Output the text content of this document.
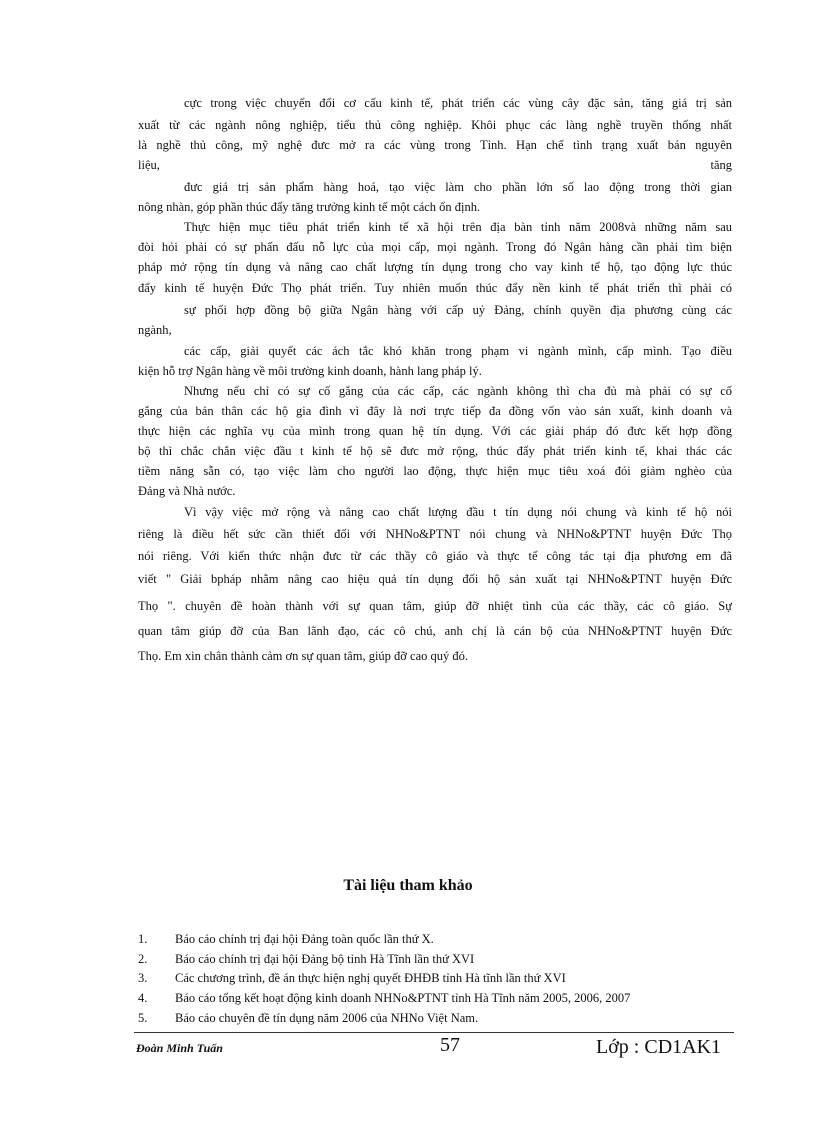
cực trong việc chuyển đổi cơ cấu kinh tế, phát triển các vùng cây đặc sản, tăng giá trị sản
xuất từ các ngành nông nghiệp, tiểu thủ công nghiệp. Khôi phục các làng nghề truyền thống nhất
là nghề thủ công, mỹ nghệ đưc mở ra các vùng trong Tỉnh. Hạn chế tình trạng xuất bán nguyên
liệu, tăng
đưc giá trị sản phẩm hàng hoá, tạo việc làm cho phần lớn số lao động trong thời gian
nông nhàn, góp phần thúc đẩy tăng trưởng kinh tế một cách ổn định.
Thực hiện mục tiêu phát triển kinh tế xã hội trên địa bàn tỉnh năm 2008và những năm sau
đòi hỏi phải có sự phấn đấu nỗ lực của mọi cấp, mọi ngành. Trong đó Ngân hàng cần phải tìm biện
pháp mở rộng tín dụng và nâng cao chất lượng tín dụng trong cho vay kinh tế hộ, tạo động lực thúc
đẩy kinh tế huyện Đức Thọ phát triển. Tuy nhiên muốn thúc đẩy nền kinh tế phát triển thì phải có
sự phối hợp đồng bộ giữa Ngân hàng với cấp uỷ Đảng, chính quyền địa phương cùng các
ngành,
các cấp, giải quyết các ách tắc khó khăn trong phạm vi ngành mình, cấp mình. Tạo điều
kiện hỗ trợ Ngân hàng về môi trường kinh doanh, hành lang pháp lý.
Nhưng nếu chỉ có sự cố gắng của các cấp, các ngành không thì cha đủ mà phải có sự cố
gắng của bản thân các hộ gia đình vì đây là nơi trực tiếp đa đồng vốn vào sản xuất, kinh doanh và
thực hiện các nghĩa vụ của mình trong quan hệ tín dụng. Với các giải pháp đó đưc kết hợp đồng
bộ thì chắc chắn việc đầu t kinh tế hộ sẽ đưc mở rộng, thúc đẩy phát triển kinh tế, khai thác các
tiềm năng sẵn có, tạo việc làm cho người lao động, thực hiện mục tiêu xoá đói giảm nghèo của
Đảng và Nhà nước.
Vì vậy việc mở rộng và nâng cao chất lượng đầu t tín dụng nói chung và kinh tế hộ nói
riêng là điều hết sức cần thiết đối với NHNo&PTNT nói chung và NHNo&PTNT huyện Đức Thọ
nói riêng. Với kiến thức nhận đưc từ các thầy cô giáo và thực tế công tác tại địa phương em đã
viết " Giải bpháp nhằm nâng cao hiệu quả tín dụng đối hộ sản xuất tại NHNo&PTNT huyện Đức
Thọ ". chuyên đề hoàn thành với sự quan tâm, giúp đỡ nhiệt tình của các thầy, các cô giáo. Sự
quan tâm giúp đỡ của Ban lãnh đạo, các cô chú, anh chị là cán bộ của NHNo&PTNT huyện Đức
Thọ. Em xin chân thành cảm ơn sự quan tâm, giúp đỡ cao quý đó.
Tài liệu tham khảo
1. Báo cáo chính trị đại hội Đảng toàn quốc lần thứ X.
2. Báo cáo chính trị đại hội Đảng bộ tỉnh Hà Tĩnh lần thứ XVI
3. Các chương trình, đề án thực hiện nghị quyết ĐHĐB tỉnh Hà tĩnh lần thứ XVI
4. Báo cáo tổng kết hoạt động kinh doanh NHNo&PTNT tỉnh Hà Tĩnh năm 2005, 2006, 2007
5. Báo cáo chuyên đề tín dụng năm 2006 của NHNo Việt Nam.
Đoàn Minh Tuấn	57	Lớp : CD1AK1
